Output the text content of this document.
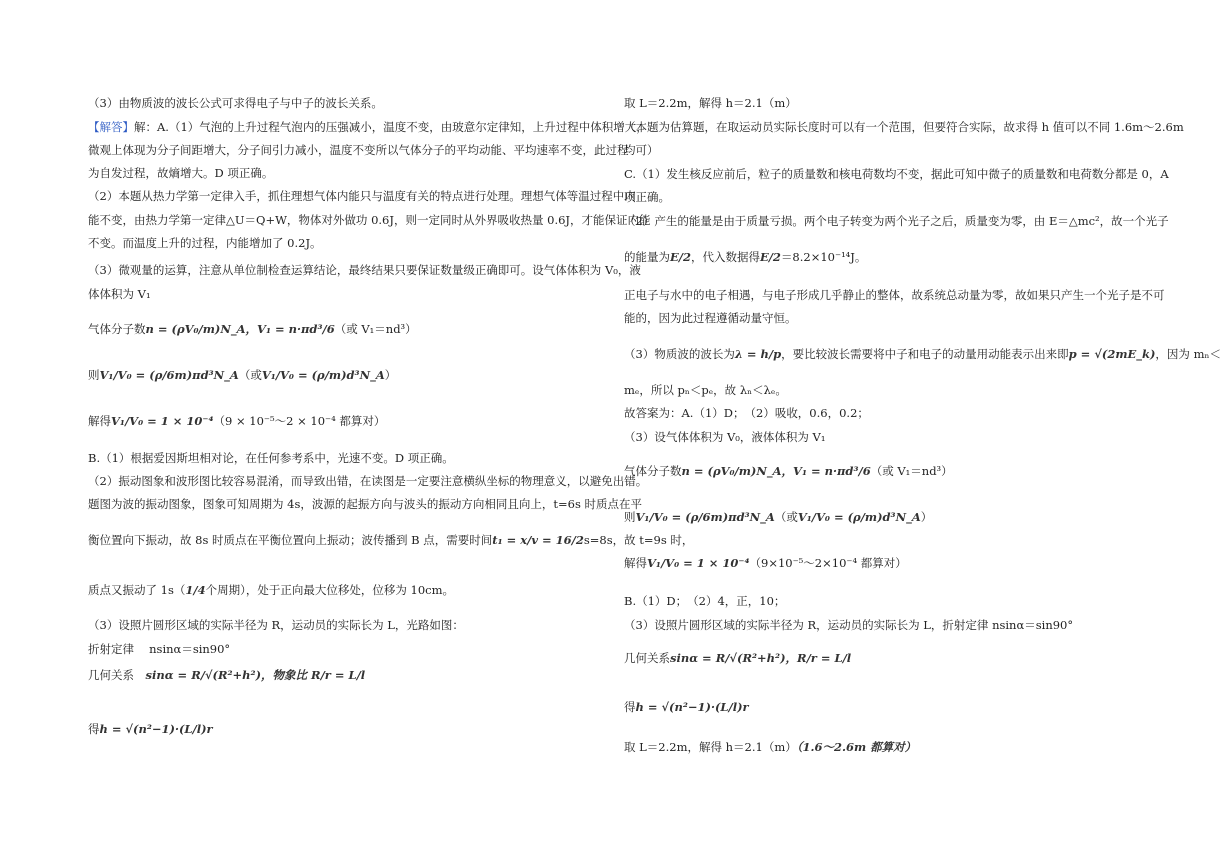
（3）由物质波的波长公式可求得电子与中子的波长关系。
【解答】解：A.（1）气泡的上升过程气泡内的压强减小，温度不变，由玻意尔定律知，上升过程中体积增大，
微观上体现为分子间距增大，分子间引力减小，温度不变所以气体分子的平均动能、平均速率不变，此过程
为自发过程，故熵增大。D 项正确。
（2）本题从热力学第一定律入手，抓住理想气体内能只与温度有关的特点进行处理。理想气体等温过程中内
能不变，由热力学第一定律△U＝Q+W，物体对外做功 0.6J，则一定同时从外界吸收热量 0.6J，才能保证内能
不变。而温度上升的过程，内能增加了 0.2J。
（3）微观量的运算，注意从单位制检查运算结论，最终结果只要保证数量级正确即可。设气体体积为 V₀，液
体体积为 V₁
气体分子数n = (ρV₀/m)N_A，V₁ = n·πd³/6（或 V₁＝nd³）
则V₁/V₀ = (ρ/6m)πd³N_A（或V₁/V₀ = (ρ/m)d³N_A）
解得V₁/V₀ = 1 × 10⁻⁴（9 × 10⁻⁵～2 × 10⁻⁴ 都算对）
B.（1）根据爱因斯坦相对论，在任何参考系中，光速不变。D 项正确。
（2）振动图象和波形图比较容易混淆，而导致出错，在读图是一定要注意横纵坐标的物理意义，以避免出错。
题图为波的振动图象，图象可知周期为 4s，波源的起振方向与波头的振动方向相同且向上，t=6s 时质点在平
衡位置向下振动，故 8s 时质点在平衡位置向上振动；波传播到 B 点，需要时间t₁ = x/v = 16/2s=8s，故 t=9s 时，
质点又振动了 1s（1/4个周期），处于正向最大位移处，位移为 10cm。
（3）设照片圆形区域的实际半径为 R，运动员的实际长为 L，光路如图：
折射定律　 nsinα＝sin90°
几何关系　sinα = R/√(R²+h²)，物象比 R/r = L/l
得h = √(n²−1)·(L/l)r
取 L＝2.2m，解得 h＝2.1（m）
（本题为估算题，在取运动员实际长度时可以有一个范围，但要符合实际，故求得 h 值可以不同 1.6m～2.6m
均可）
C.（1）发生核反应前后，粒子的质量数和核电荷数均不变，据此可知中微子的质量数和电荷数分都是 0，A
项正确。
（2）产生的能量是由于质量亏损。两个电子转变为两个光子之后，质量变为零，由 E＝△mc²，故一个光子
的能量为E/2，代入数据得E/2＝8.2×10⁻¹⁴J。
正电子与水中的电子相遇，与电子形成几乎静止的整体，故系统总动量为零，故如果只产生一个光子是不可
能的，因为此过程遵循动量守恒。
（3）物质波的波长为λ = h/p，要比较波长需要将中子和电子的动量用动能表示出来即p = √(2mE_k)，因为 mₙ＜
mₑ，所以 pₙ＜pₑ，故 λₙ＜λₑ。
故答案为：A.（1）D；　（2）吸收，0.6，0.2；
（3）设气体体积为 V₀，液体体积为 V₁
气体分子数n = (ρV₀/m)N_A，V₁ = n·πd³/6（或 V₁＝nd³）
则V₁/V₀ = (ρ/6m)πd³N_A（或V₁/V₀ = (ρ/m)d³N_A）
解得V₁/V₀ = 1 × 10⁻⁴（9×10⁻⁵～2×10⁻⁴ 都算对）
B.（1）D；　（2）4，正，10；
（3）设照片圆形区域的实际半径为 R，运动员的实际长为 L，折射定律 nsinα＝sin90°
几何关系sinα = R/√(R²+h²)，R/r = L/l
得h = √(n²−1)·(L/l)r
取 L＝2.2m，解得 h＝2.1（m）（1.6～2.6m 都算对）
